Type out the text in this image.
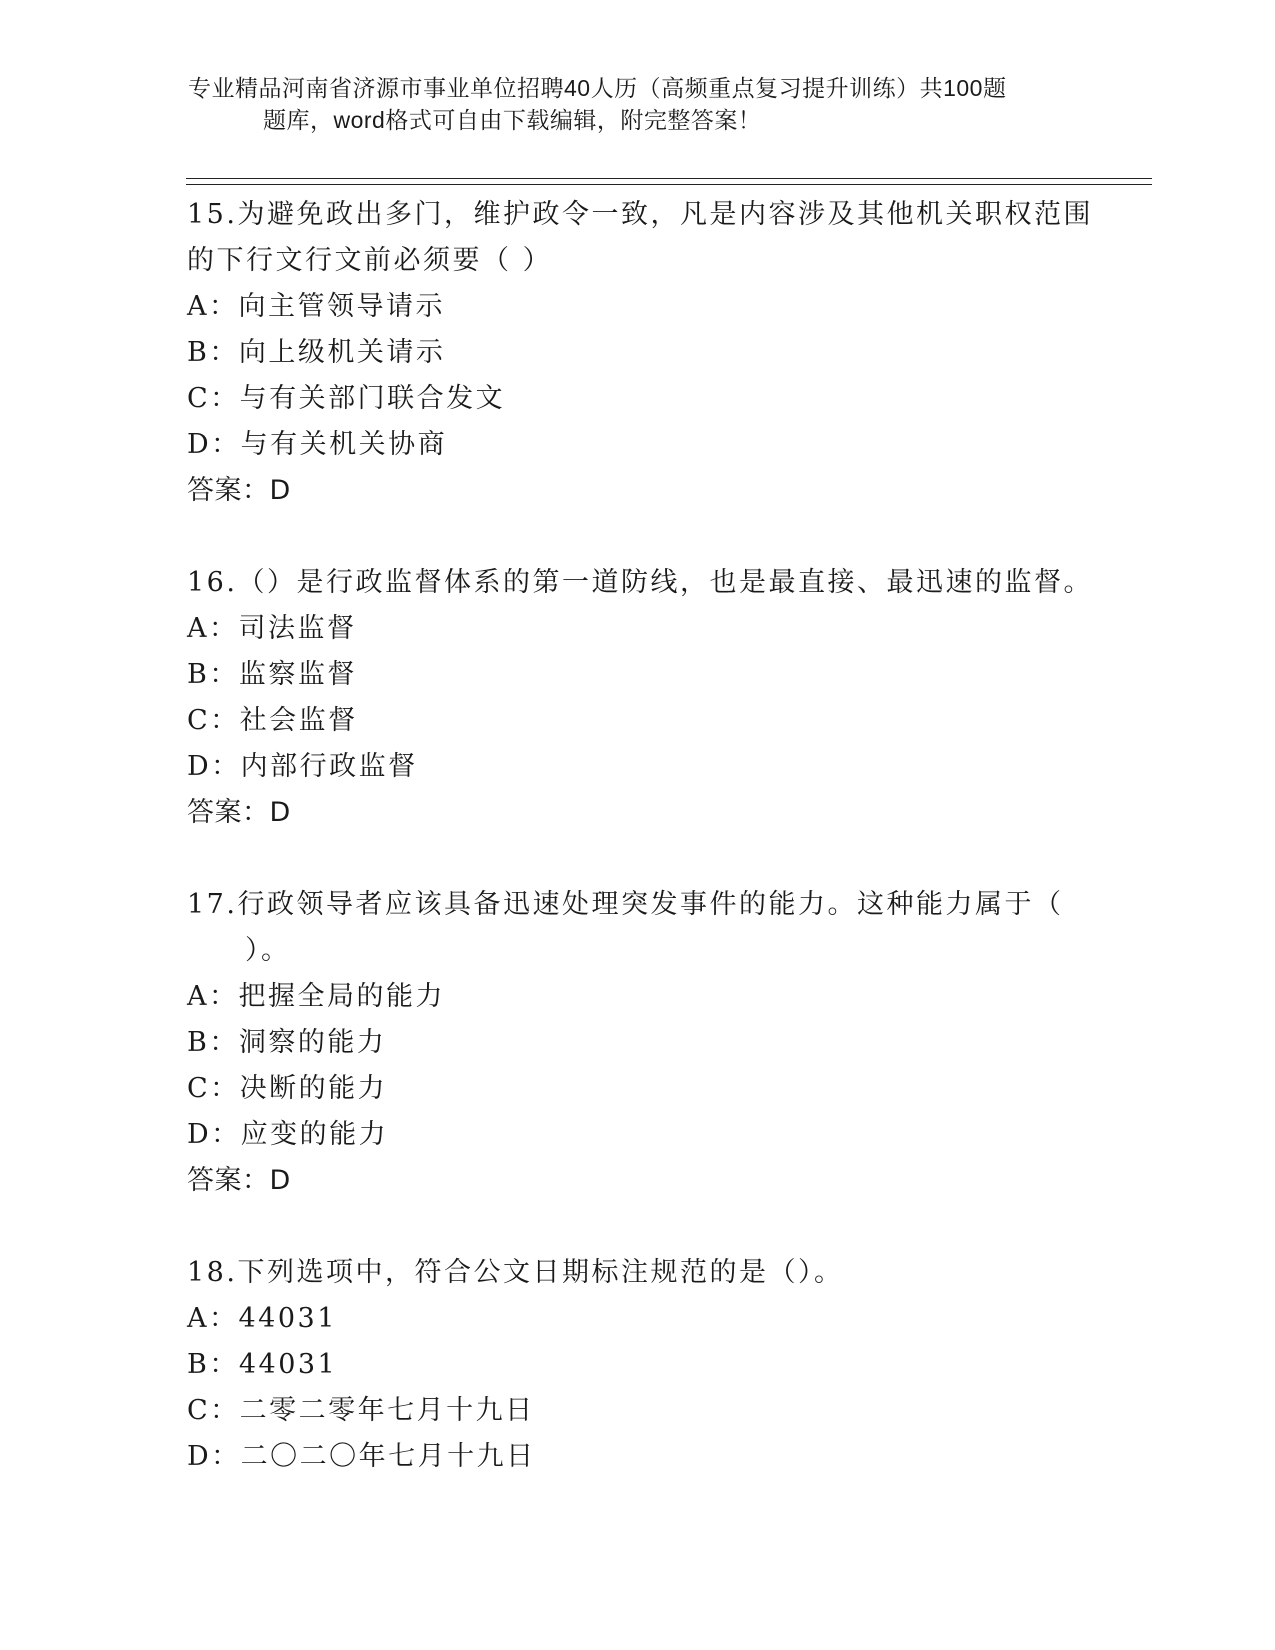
专业精品河南省济源市事业单位招聘40人历（高频重点复习提升训练）共100题
题库，word格式可自由下载编辑，附完整答案！
15.为避免政出多门，维护政令一致，凡是内容涉及其他机关职权范围
的下行文行文前必须要（ ）
A：向主管领导请示
B：向上级机关请示
C：与有关部门联合发文
D：与有关机关协商
答案：D
16.（）是行政监督体系的第一道防线，也是最直接、最迅速的监督。
A：司法监督
B：监察监督
C：社会监督
D：内部行政监督
答案：D
17.行政领导者应该具备迅速处理突发事件的能力。这种能力属于（
）。
A：把握全局的能力
B：洞察的能力
C：决断的能力
D：应变的能力
答案：D
18.下列选项中，符合公文日期标注规范的是（）。
A：44031
B：44031
C：二零二零年七月十九日
D：二〇二〇年七月十九日
